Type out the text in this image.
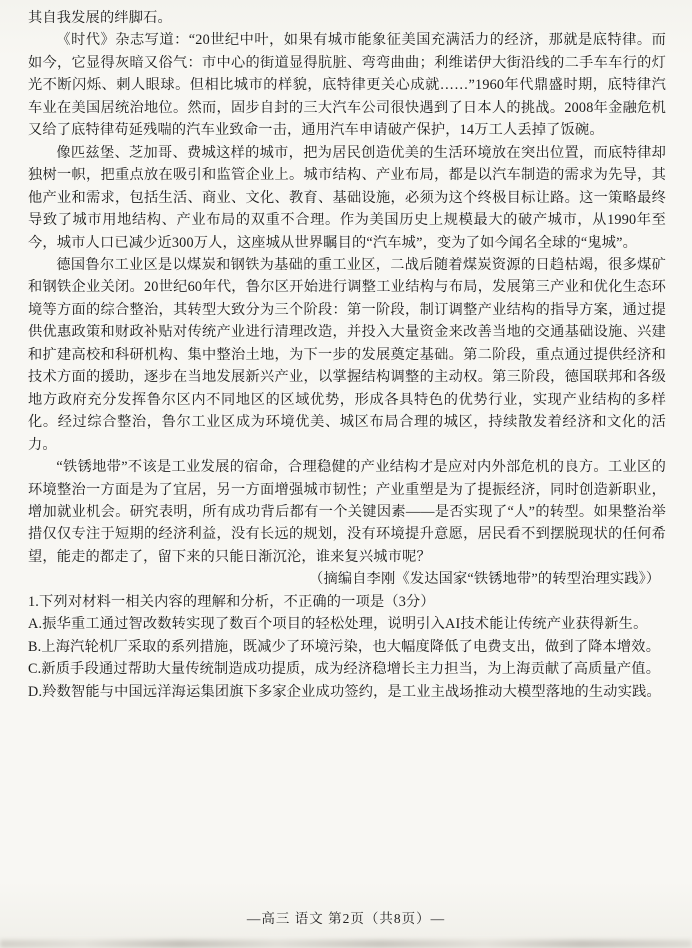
其自我发展的绊脚石。

《时代》杂志写道：“20世纪中叶，如果有城市能象征美国充满活力的经济，那就是底特律。而如今，它显得灰暗又俗气：市中心的街道显得肮脏、弯弯曲曲；利维诺伊大街沿线的二手车车行的灯光不断闪烁、刺人眼球。但相比城市的样貌，底特律更关心成就……”1960年代鼎盛时期，底特律汽车业在美国居统治地位。然而，固步自封的三大汽车公司很快遇到了日本人的挑战。2008年金融危机又给了底特律苟延残喘的汽车业致命一击，通用汽车申请破产保护，14万工人丢掉了饭碗。

像匹兹堡、芝加哥、费城这样的城市，把为居民创造优美的生活环境放在突出位置，而底特律却独树一帜，把重点放在吸引和监管企业上。城市结构、产业布局，都是以汽车制造的需求为先导，其他产业和需求，包括生活、商业、文化、教育、基础设施，必须为这个终极目标让路。这一策略最终导致了城市用地结构、产业布局的双重不合理。作为美国历史上规模最大的破产城市，从1990年至今，城市人口已减少近300万人，这座城从世界瞩目的“汽车城”，变为了如今闻名全球的“鬼城”。

德国鲁尔工业区是以煤炭和钢铁为基础的重工业区，二战后随着煤炭资源的日趋枯竭，很多煤矿和钢铁企业关闭。20世纪60年代，鲁尔区开始进行调整工业结构与布局，发展第三产业和优化生态环境等方面的综合整治，其转型大致分为三个阶段：第一阶段，制订调整产业结构的指导方案，通过提供优惠政策和财政补贴对传统产业进行清理改造，并投入大量资金来改善当地的交通基础设施、兴建和扩建高校和科研机构、集中整治土地，为下一步的发展奠定基础。第二阶段，重点通过提供经济和技术方面的援助，逐步在当地发展新兴产业，以掌握结构调整的主动权。第三阶段，德国联邦和各级地方政府充分发挥鲁尔区内不同地区的区域优势，形成各具特色的优势行业，实现产业结构的多样化。经过综合整治，鲁尔工业区成为环境优美、城区布局合理的城区，持续散发着经济和文化的活力。

“铁锈地带”不该是工业发展的宿命，合理稳健的产业结构才是应对内外部危机的良方。工业区的环境整治一方面是为了宜居，另一方面增强城市韧性；产业重塑是为了提振经济，同时创造新职业，增加就业机会。研究表明，所有成功背后都有一个关键因素——是否实现了“人”的转型。如果整治举措仅仅专注于短期的经济利益，没有长远的规划，没有环境提升意愿，居民看不到摆脱现状的任何希望，能走的都走了，留下来的只能日渐沉沦，谁来复兴城市呢？

（摘编自李刚《发达国家“铁锈地带”的转型治理实践》）

1.下列对材料一相关内容的理解和分析，不正确的一项是（3分）

A.振华重工通过智改数转实现了数百个项目的轻松处理，说明引入AI技术能让传统产业获得新生。

B.上海汽轮机厂采取的系列措施，既减少了环境污染，也大幅度降低了电费支出，做到了降本增效。

C.新质手段通过帮助大量传统制造成功提质，成为经济稳增长主力担当，为上海贡献了高质量产值。

D.羚数智能与中国远洋海运集团旗下多家企业成功签约，是工业主战场推动大模型落地的生动实践。

—高三 语文 第2页（共8页）—
